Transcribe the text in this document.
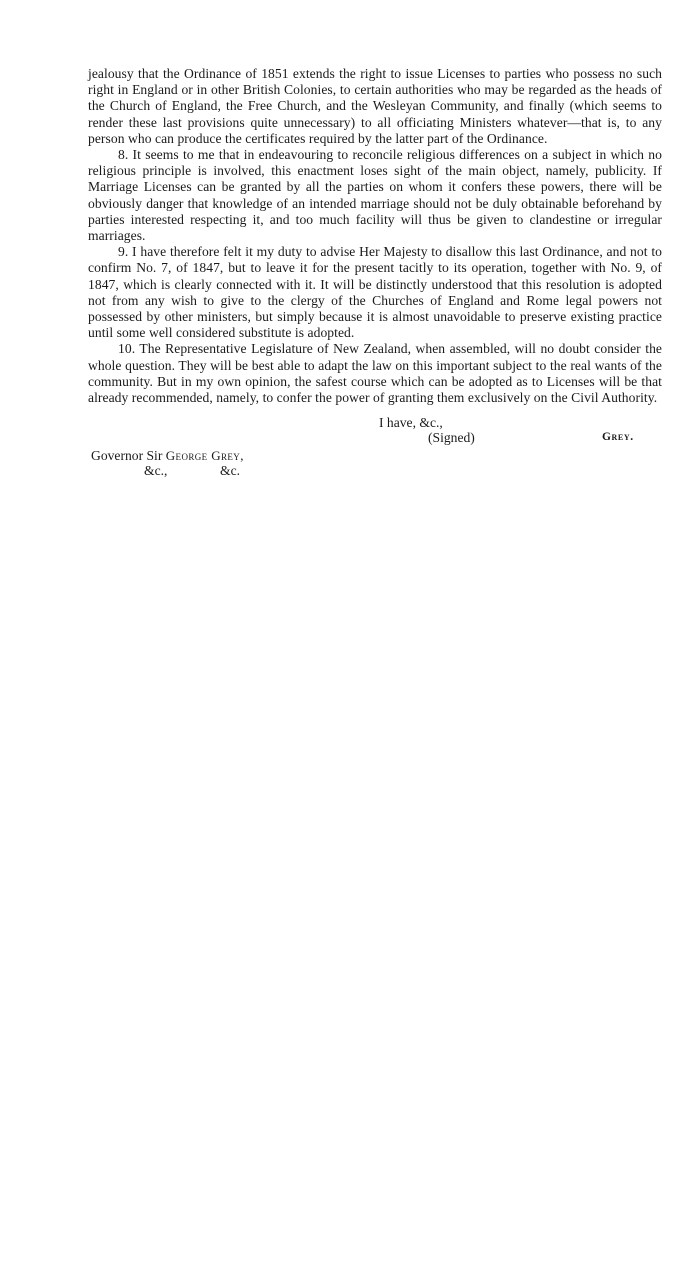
jealousy that the Ordinance of 1851 extends the right to issue Licenses to parties who possess no such right in England or in other British Colonies, to certain authorities who may be regarded as the heads of the Church of England, the Free Church, and the Wesleyan Community, and finally (which seems to render these last provisions quite unnecessary) to all officiating Ministers whatever—that is, to any person who can produce the certificates required by the latter part of the Ordinance.

8. It seems to me that in endeavouring to reconcile religious differences on a subject in which no religious principle is involved, this enactment loses sight of the main object, namely, publicity. If Marriage Licenses can be granted by all the parties on whom it confers these powers, there will be obviously danger that knowledge of an intended marriage should not be duly obtainable beforehand by parties interested respecting it, and too much facility will thus be given to clandestine or irregular marriages.

9. I have therefore felt it my duty to advise Her Majesty to disallow this last Ordinance, and not to confirm No. 7, of 1847, but to leave it for the present tacitly to its operation, together with No. 9, of 1847, which is clearly connected with it. It will be distinctly understood that this resolution is adopted not from any wish to give to the clergy of the Churches of England and Rome legal powers not possessed by other ministers, but simply because it is almost unavoidable to preserve existing practice until some well considered substitute is adopted.

10. The Representative Legislature of New Zealand, when assembled, will no doubt consider the whole question. They will be best able to adapt the law on this important subject to the real wants of the community. But in my own opinion, the safest course which can be adopted as to Licenses will be that already recommended, namely, to confer the power of granting them exclusively on the Civil Authority.

I have, &c.,
(Signed)	Grey.
Governor Sir George Grey,
&c.,	&c.
